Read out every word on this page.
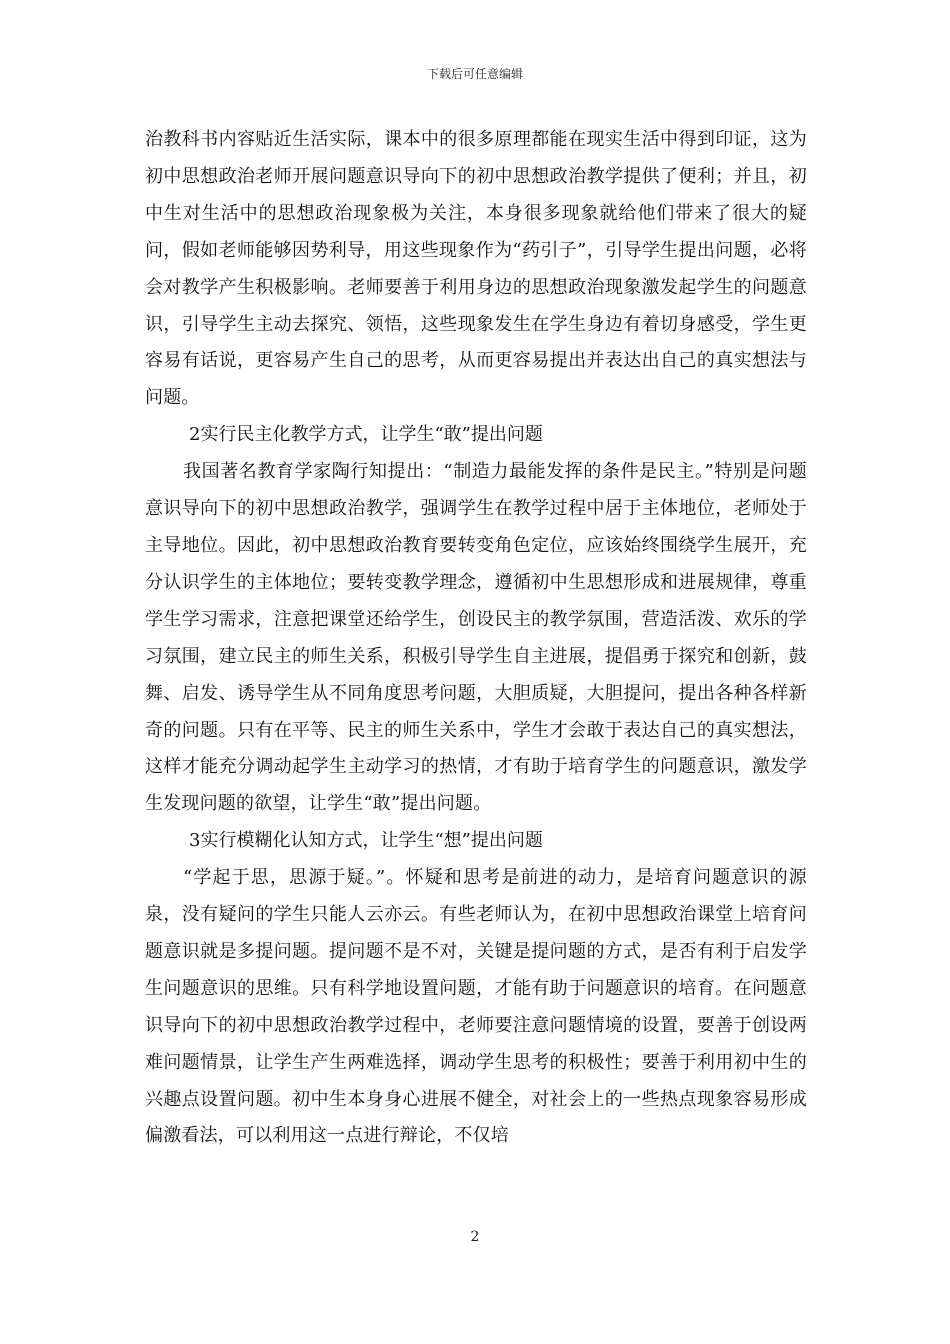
下载后可任意编辑

治教科书内容贴近生活实际，课本中的很多原理都能在现实生活中得到印证，这为初中思想政治老师开展问题意识导向下的初中思想政治教学提供了便利；并且，初中生对生活中的思想政治现象极为关注，本身很多现象就给他们带来了很大的疑问，假如老师能够因势利导，用这些现象作为“药引子”，引导学生提出问题，必将会对教学产生积极影响。老师要善于利用身边的思想政治现象激发起学生的问题意识，引导学生主动去探究、领悟，这些现象发生在学生身边有着切身感受，学生更容易有话说，更容易产生自己的思考，从而更容易提出并表达出自己的真实想法与问题。

2实行民主化教学方式，让学生“敢”提出问题

我国著名教育学家陶行知提出：“制造力最能发挥的条件是民主。”特别是问题意识导向下的初中思想政治教学，强调学生在教学过程中居于主体地位，老师处于主导地位。因此，初中思想政治教育要转变角色定位，应该始终围绕学生展开，充分认识学生的主体地位；要转变教学理念，遵循初中生思想形成和进展规律，尊重学生学习需求，注意把课堂还给学生，创设民主的教学氛围，营造活泼、欢乐的学习氛围，建立民主的师生关系，积极引导学生自主进展，提倡勇于探究和创新，鼓舞、启发、诱导学生从不同角度思考问题，大胆质疑，大胆提问，提出各种各样新奇的问题。只有在平等、民主的师生关系中，学生才会敢于表达自己的真实想法，这样才能充分调动起学生主动学习的热情，才有助于培育学生的问题意识，激发学生发现问题的欲望，让学生“敢”提出问题。

3实行模糊化认知方式，让学生“想”提出问题

“学起于思，思源于疑。”。怀疑和思考是前进的动力，是培育问题意识的源泉，没有疑问的学生只能人云亦云。有些老师认为，在初中思想政治课堂上培育问题意识就是多提问题。提问题不是不对，关键是提问题的方式，是否有利于启发学生问题意识的思维。只有科学地设置问题，才能有助于问题意识的培育。在问题意识导向下的初中思想政治教学过程中，老师要注意问题情境的设置，要善于创设两难问题情景，让学生产生两难选择，调动学生思考的积极性；要善于利用初中生的兴趣点设置问题。初中生本身身心进展不健全，对社会上的一些热点现象容易形成偏激看法，可以利用这一点进行辩论，不仅培

2
